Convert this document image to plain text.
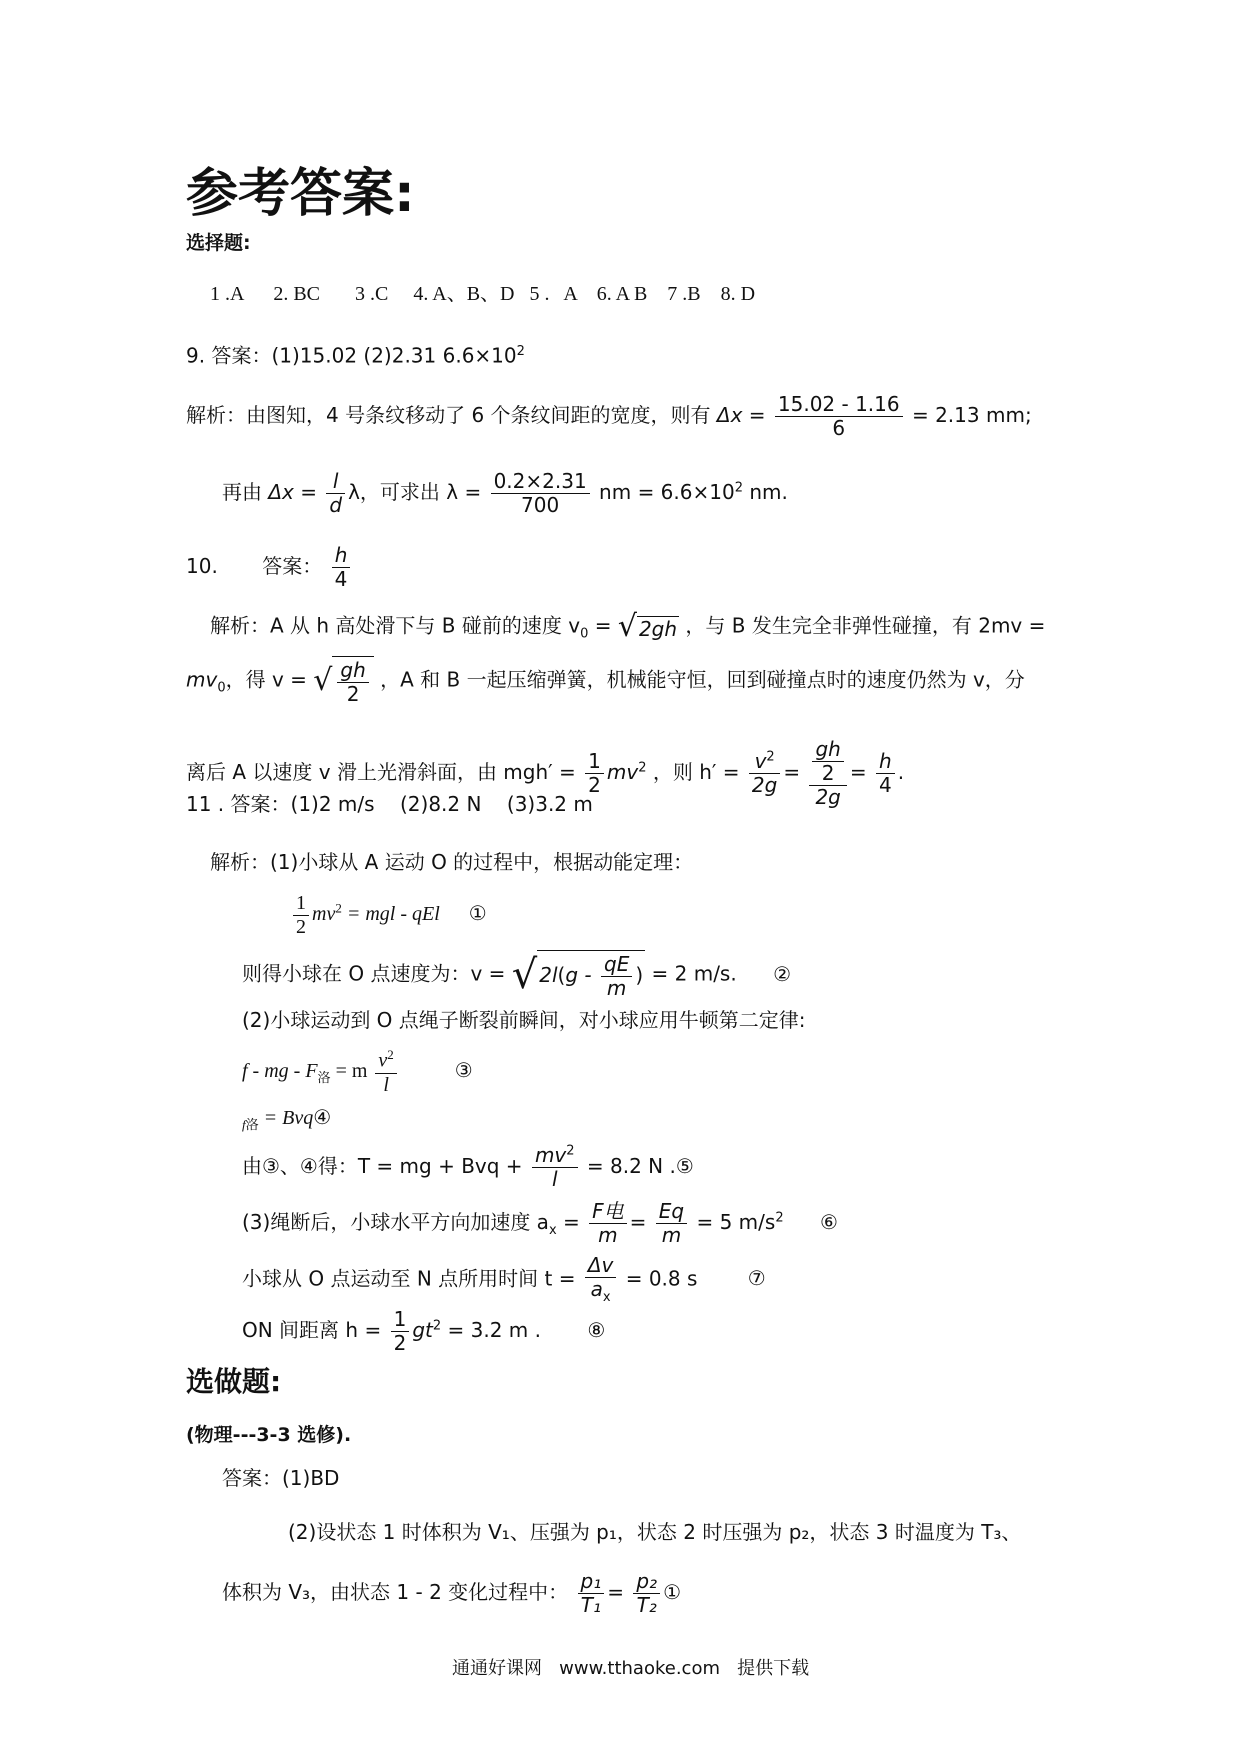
参考答案:
选择题:
1 .A      2. BC       3 .C     4. A、B、D   5 .   A    6. A B    7 .B    8. D
9. 答案：(1)15.02 (2)2.31 $6.6\times 10^2$
解析：由图知，4 号条纹移动了 6 个条纹间距的宽度，则有 $\Delta x = \frac{15.02 - 1.16}{6} = 2.13$ mm;
再由 $\Delta x = \frac{l}{d}$ λ，可求出 $\lambda = \frac{0.2\times 2.31}{700}$ nm = $6.6\times 10^2$ nm.
10.       答案： $\frac{h}{4}$
解析：A 从 h 高处滑下与 B 碰前的速度 $v_0$ = √ 2gh ，与 B 发生完全非弹性碰撞，有 2mv =
$mv_0$，得 v = √ $\frac{gh}{2}$ ，A 和 B 一起压缩弹簧，机械能守恒，回到碰撞点时的速度仍然为 v，分
离后 A 以速度 v 滑上光滑斜面，由 $mgh' = \frac{1}{2} mv^2$ ，则 $h' = \frac{v^2}{2g} = \frac{\frac{gh}{2}}{2g} = \frac{h}{4}$ .
11 . 答案：(1)2 m/s    (2)8.2 N    (3)3.2 m
解析：(1)小球从 A 运动 O 的过程中，根据动能定理：
$\frac{1}{2} mv^2$ = mgl - qEl ①
则得小球在 O 点速度为：v = √ $2l(g - \frac{qE}{m}$ ) = 2 m/s. ②
(2)小球运动到 O 点绳子断裂前瞬间，对小球应用牛顿第二定律:
f - mg - $F_洛 = m \frac{v^2}{l}$	③
$_{f洛}$ = Bvq④
由③、④得：T = mg + Bvq + $\frac{mv^2}{l} = 8.2$ N .⑤
(3)绳断后，小球水平方向加速度 $a_x = \frac{\text{F电}}{m} = \frac{Eq}{m} = 5$ $m/s^2$ ⑥
小球从 O 点运动至 N 点所用时间 $t = \frac{\Delta v}{a_x} = 0.8$ s	⑦
ON 间距离 $h = \frac{1}{2} gt^2 = 3.2$ m . ⑧
选做题:
(物理---3-3 选修).
答案：(1)BD
(2)设状态 1 时体积为 V₁、压强为 p₁，状态 2 时压强为 p₂，状态 3 时温度为 T₃、
体积为 V₃，由状态 1 - 2 变化过程中： $\frac{\text{p₁}}{\text{T₁}} = \frac{\text{p₂}}{\text{T₂}}$ ①
通通好课网   www.tthaoke.com   提供下载
